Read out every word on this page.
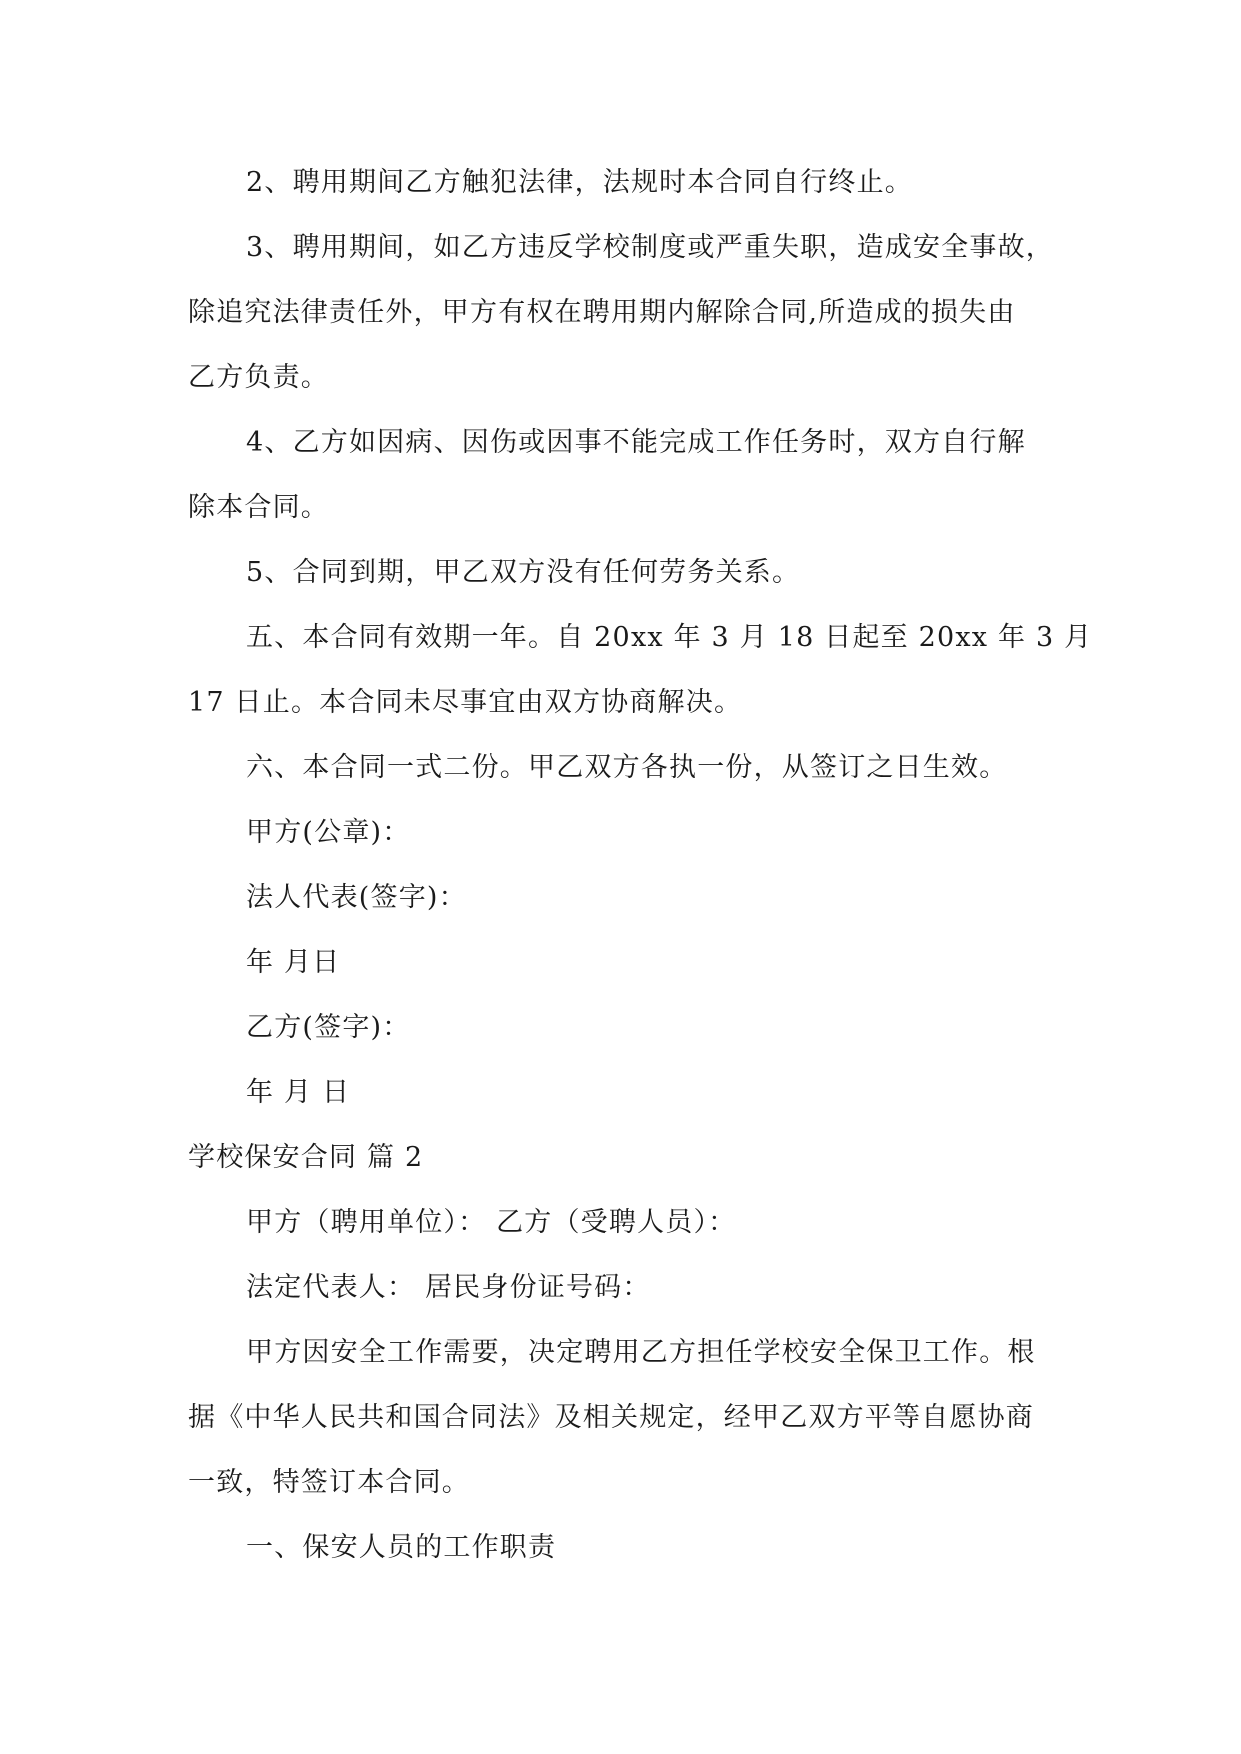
2、聘用期间乙方触犯法律，法规时本合同自行终止。
3、聘用期间，如乙方违反学校制度或严重失职，造成安全事故，
除追究法律责任外，甲方有权在聘用期内解除合同,所造成的损失由
乙方负责。
4、乙方如因病、因伤或因事不能完成工作任务时，双方自行解
除本合同。
5、合同到期，甲乙双方没有任何劳务关系。
五、本合同有效期一年。自 20xx 年 3 月 18 日起至 20xx 年 3 月
17 日止。本合同未尽事宜由双方协商解决。
六、本合同一式二份。甲乙双方各执一份，从签订之日生效。
甲方(公章)：
法人代表(签字)：
年 月日
乙方(签字)：
年 月 日
学校保安合同 篇 2
甲方（聘用单位）： 乙方（受聘人员）：
法定代表人： 居民身份证号码：
甲方因安全工作需要，决定聘用乙方担任学校安全保卫工作。根
据《中华人民共和国合同法》及相关规定，经甲乙双方平等自愿协商
一致，特签订本合同。
一、保安人员的工作职责
